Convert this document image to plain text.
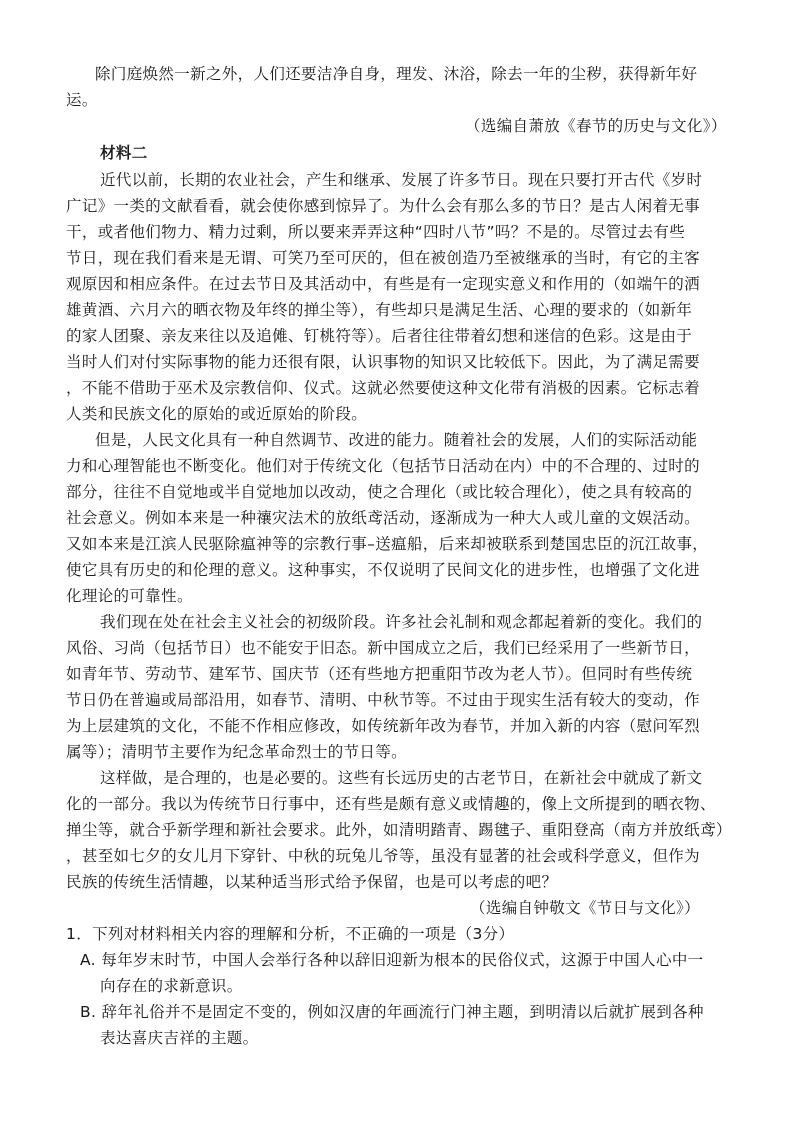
除门庭焕然一新之外，人们还要洁净自身，理发、沐浴，除去一年的尘秽，获得新年好
运。
（选编自萧放《春节的历史与文化》）
材料二
近代以前，长期的农业社会，产生和继承、发展了许多节日。现在只要打开古代《岁时
广记》一类的文献看看，就会使你感到惊异了。为什么会有那么多的节日？是古人闲着无事
干，或者他们物力、精力过剩，所以要来弄弄这种“四时八节”吗？不是的。尽管过去有些
节日，现在我们看来是无谓、可笑乃至可厌的，但在被创造乃至被继承的当时，有它的主客
观原因和相应条件。在过去节日及其活动中，有些是有一定现实意义和作用的（如端午的洒
雄黄酒、六月六的晒衣物及年终的掸尘等），有些却只是满足生活、心理的要求的（如新年
的家人团聚、亲友来往以及追傩、钉桃符等）。后者往往带着幻想和迷信的色彩。这是由于
当时人们对付实际事物的能力还很有限，认识事物的知识又比较低下。因此，为了满足需要
，不能不借助于巫术及宗教信仰、仪式。这就必然要使这种文化带有消极的因素。它标志着
人类和民族文化的原始的或近原始的阶段。
但是，人民文化具有一种自然调节、改进的能力。随着社会的发展，人们的实际活动能
力和心理智能也不断变化。他们对于传统文化（包括节日活动在内）中的不合理的、过时的
部分，往往不自觉地或半自觉地加以改动，使之合理化（或比较合理化），使之具有较高的
社会意义。例如本来是一种禳灾法术的放纸鸢活动，逐渐成为一种大人或儿童的文娱活动。
又如本来是江滨人民驱除瘟神等的宗教行事–送瘟船，后来却被联系到楚国忠臣的沉江故事，
使它具有历史的和伦理的意义。这种事实，不仅说明了民间文化的进步性，也增强了文化进
化理论的可靠性。
我们现在处在社会主义社会的初级阶段。许多社会礼制和观念都起着新的变化。我们的
风俗、习尚（包括节日）也不能安于旧态。新中国成立之后，我们已经采用了一些新节日，
如青年节、劳动节、建军节、国庆节（还有些地方把重阳节改为老人节）。但同时有些传统
节日仍在普遍或局部沿用，如春节、清明、中秋节等。不过由于现实生活有较大的变动，作
为上层建筑的文化，不能不作相应修改，如传统新年改为春节，并加入新的内容（慰问军烈
属等）；清明节主要作为纪念革命烈士的节日等。
这样做，是合理的，也是必要的。这些有长远历史的古老节日，在新社会中就成了新文
化的一部分。我以为传统节日行事中，还有些是颇有意义或情趣的，像上文所提到的晒衣物、
掸尘等，就合乎新学理和新社会要求。此外，如清明踏青、踢毽子、重阳登高（南方并放纸鸢）
，甚至如七夕的女儿月下穿针、中秋的玩兔儿爷等，虽没有显著的社会或科学意义，但作为
民族的传统生活情趣，以某种适当形式给予保留，也是可以考虑的吧？
（选编自钟敬文《节日与文化》）
1．下列对材料相关内容的理解和分析，不正确的一项是（3分）
A. 每年岁末时节，中国人会举行各种以辞旧迎新为根本的民俗仪式，这源于中国人心中一
向存在的求新意识。
B. 辞年礼俗并不是固定不变的，例如汉唐的年画流行门神主题，到明清以后就扩展到各种
表达喜庆吉祥的主题。
